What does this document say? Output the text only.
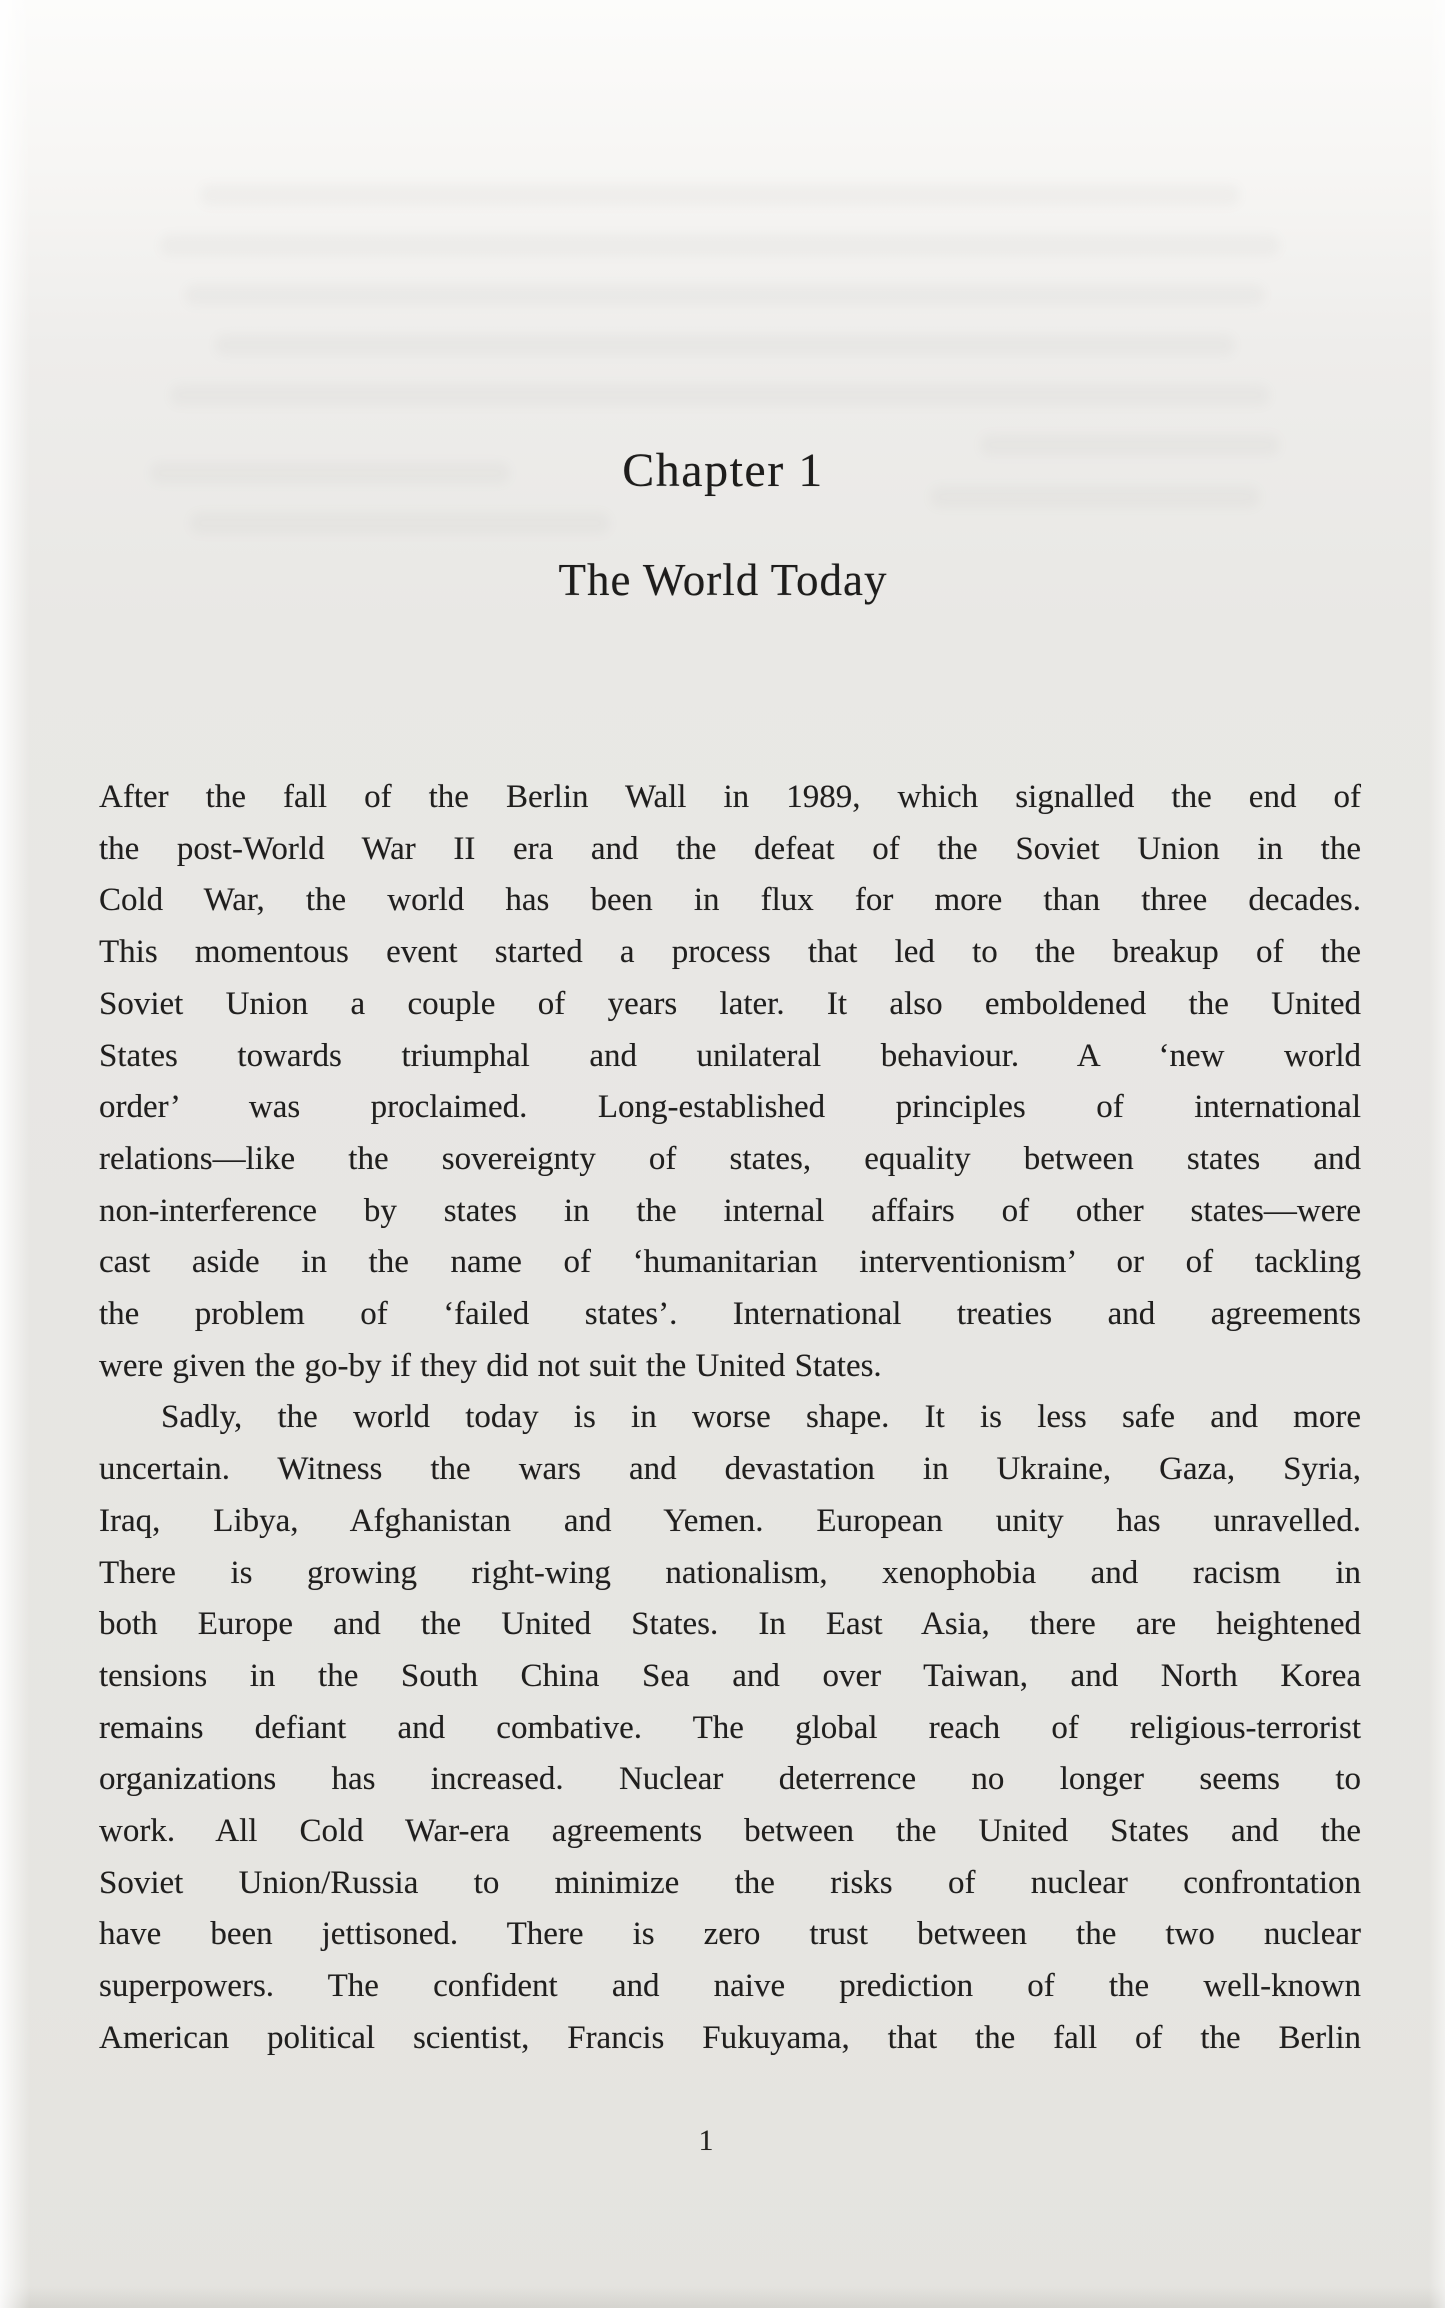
Chapter 1
The World Today
After the fall of the Berlin Wall in 1989, which signalled the end of
the post-World War II era and the defeat of the Soviet Union in the
Cold War, the world has been in flux for more than three decades.
This momentous event started a process that led to the breakup of the
Soviet Union a couple of years later. It also emboldened the United
States towards triumphal and unilateral behaviour. A ‘new world
order’ was proclaimed. Long-established principles of international
relations—like the sovereignty of states, equality between states and
non-interference by states in the internal affairs of other states—were
cast aside in the name of ‘humanitarian interventionism’ or of tackling
the problem of ‘failed states’. International treaties and agreements
were given the go-by if they did not suit the United States.
Sadly, the world today is in worse shape. It is less safe and more
uncertain. Witness the wars and devastation in Ukraine, Gaza, Syria,
Iraq, Libya, Afghanistan and Yemen. European unity has unravelled.
There is growing right-wing nationalism, xenophobia and racism in
both Europe and the United States. In East Asia, there are heightened
tensions in the South China Sea and over Taiwan, and North Korea
remains defiant and combative. The global reach of religious-terrorist
organizations has increased. Nuclear deterrence no longer seems to
work. All Cold War-era agreements between the United States and the
Soviet Union/Russia to minimize the risks of nuclear confrontation
have been jettisoned. There is zero trust between the two nuclear
superpowers. The confident and naive prediction of the well-known
American political scientist, Francis Fukuyama, that the fall of the Berlin
1
